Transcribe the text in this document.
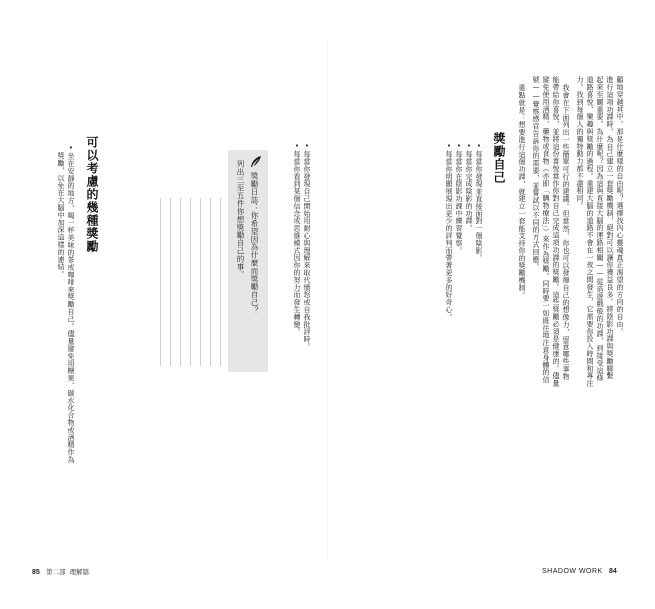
顧地穿越其中。那是什麼樣的自由呢？選擇找內心靈魂真正渴望的方向的自由。
進行這項功課時，為自己建立一套獎勵機制，絕對可以讓你獲益良多。將陰影功課與獎勵聯繫
起來至關重要。為什麼呢？因為這與直接大腦的運路相關——從造遊戲般的功課，到接受這條
道路喜悅、樂趣與獎勵的過程。重建大腦的道路不會在一夜之間發生，它需要你投入時間和專注
力。找到每個人的獨特動力都不盡相同。
我會在下面列出一些簡單可行的建議。但當然，你也可以發揮自己的想像力，留意哪些事物
能帶給你喜悅，並將這份喜悅當作你對自己完成這項功課的獎勵。這些獎勵必須是健康的。儘量
避免使用酒精、藥物或食物（亦即「購物療法」）來作為獎勵。同時要一如既往地注意身體的信
號——覺察感官告訴你的需要，並嘗試以不同的方式回應。
重點就是：想要進行這個功課，就建立一套能支持你的獎勵機制。
獎勵自己
•每當你發現並直接面對一個陰影。
•每當你完成陰影的功課。
•每當你在陰影功課中練習覺察。
•每當你明顯展現出更少的評判而帶著更多的好奇心。
SHADOW WORK 84
•每當你發現自己開始用耐心與理解來取代憤怒或自我批評時。
•每當你看到某個信念或思維模式因你的努力而發生轉變。
獎勵日誌：你希望因為什麼而獎勵自己？
列出三至五件你想獎勵自己的事。
可以考慮的幾種獎勵
•坐在安靜的地方，喝一杯美味的茶或咖啡來獎勵自己。儘量避免用糖果、碳水化合物或酒精作為
獎勵，以免在大腦中加深這樣的連結。
85 第二部 理解篇
